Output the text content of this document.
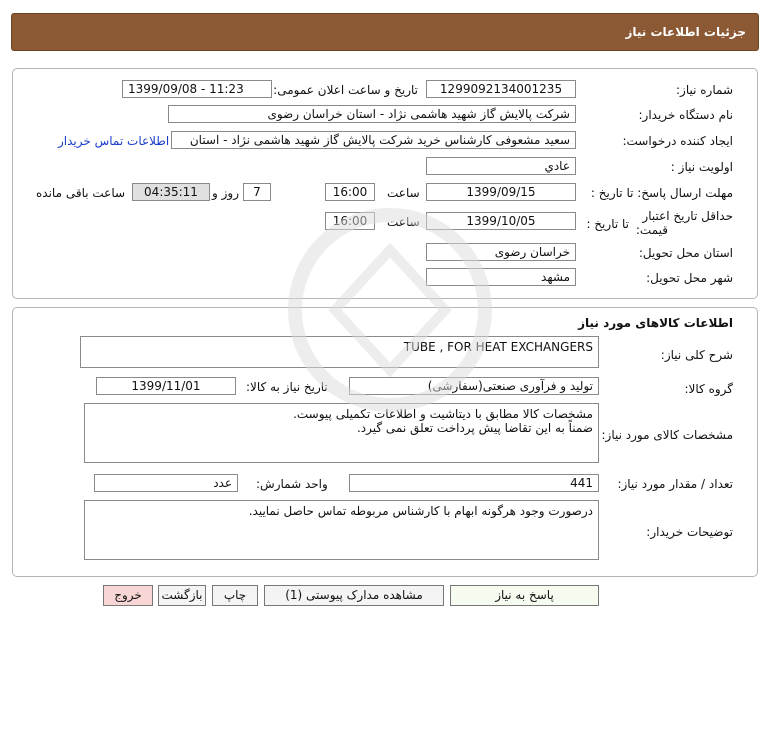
جزئیات اطلاعات نیاز
شماره نیاز:
1299092134001235
تاریخ و ساعت اعلان عمومی:
1399/09/08 - 11:23
نام دستگاه خریدار:
شرکت پالایش گاز شهید هاشمی نژاد - استان خراسان رضوی
ایجاد کننده درخواست:
سعید مشعوفی کارشناس خرید شرکت پالایش گاز شهید هاشمی نژاد - استان
اطلاعات تماس خریدار
اولویت نیاز :
عادي
مهلت ارسال پاسخ: تا تاریخ :
1399/09/15
ساعت
16:00
7
روز و
04:35:11
ساعت باقی مانده
حداقل تاریخ اعتبار
قیمت:
تا تاریخ :
1399/10/05
ساعت
16:00
استان محل تحویل:
خراسان رضوی
شهر محل تحویل:
مشهد
اطلاعات کالاهای مورد نیاز
شرح کلی نیاز:
TUBE , FOR HEAT EXCHANGERS
گروه کالا:
تولید و فرآوری صنعتی(سفارشی)
تاریخ نیاز به کالا:
1399/11/01
مشخصات کالای مورد نیاز:
مشخصات کالا مطابق با دیتاشیت و اطلاعات تکمیلی پیوست.
ضمناً به این تقاضا پیش پرداخت تعلق نمی گیرد.
تعداد / مقدار مورد نیاز:
441
واحد شمارش:
عدد
توضیحات خریدار:
درصورت وجود هرگونه ابهام با کارشناس مربوطه تماس حاصل نمایید.
پاسخ به نیاز
مشاهده مدارک پیوستی (1)
چاپ
بازگشت
خروج
